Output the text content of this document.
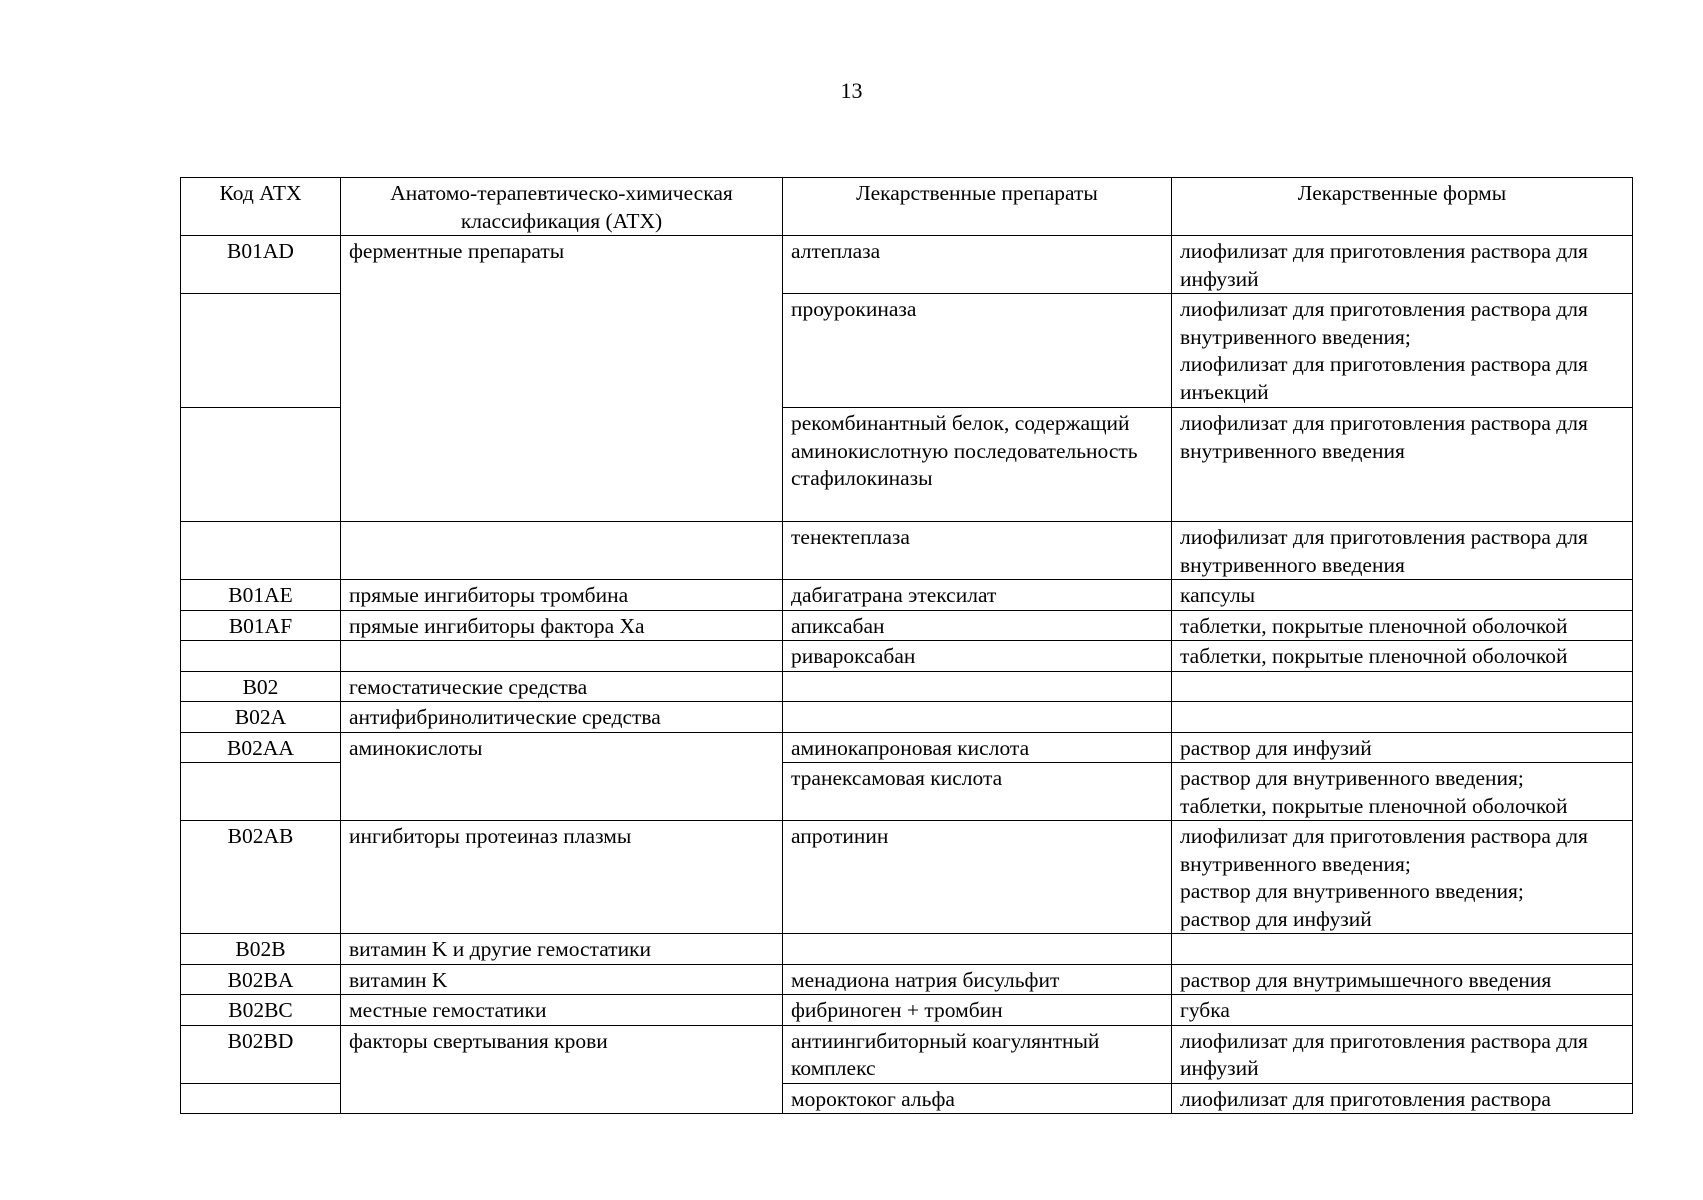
13
Код АТХ	Анатомо-терапевтическо-химическая классификация (АТХ)	Лекарственные препараты	Лекарственные формы
B01AD	ферментные препараты	алтеплаза	лиофилизат для приготовления раствора для инфузий

		проурокиназа	лиофилизат для приготовления раствора для внутривенного введения;
лиофилизат для приготовления раствора для инъекций

		рекомбинантный белок, содержащий аминокислотную последовательность стафилокиназы	лиофилизат для приготовления раствора для внутривенного введения

		тенектеплаза	лиофилизат для приготовления раствора для внутривенного введения

B01AE	прямые ингибиторы тромбина	дабигатрана этексилат	капсулы

B01AF	прямые ингибиторы фактора Xa	апиксабан	таблетки, покрытые пленочной оболочкой

		ривароксабан	таблетки, покрытые пленочной оболочкой

B02	гемостатические средства		
B02A	антифибринолитические средства		
B02AA	аминокислоты	аминокапроновая кислота	раствор для инфузий

		транексамовая кислота	раствор для внутривенного введения;
таблетки, покрытые пленочной оболочкой

B02AB	ингибиторы протеиназ плазмы	апротинин	лиофилизат для приготовления раствора для внутривенного введения;
раствор для внутривенного введения;
раствор для инфузий

B02B	витамин K и другие гемостатики		
B02BA	витамин K	менадиона натрия бисульфит	раствор для внутримышечного введения

B02BC	местные гемостатики	фибриноген + тромбин	губка

B02BD	факторы свертывания крови	антиингибиторный коагулянтный комплекс	лиофилизат для приготовления раствора для инфузий

		мороктоког альфа	лиофилизат для приготовления раствора
